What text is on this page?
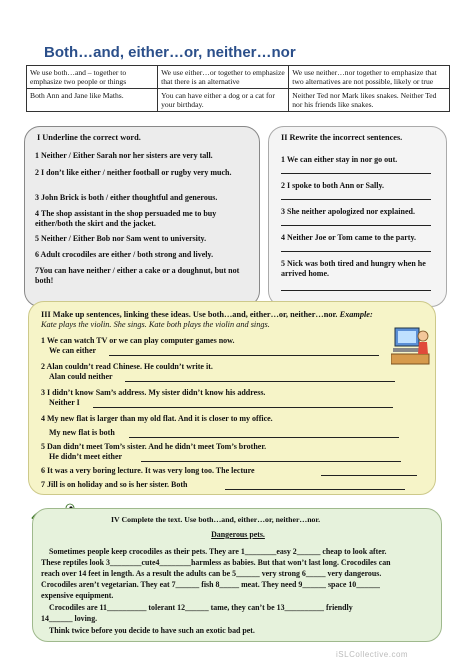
Both…and, either…or, neither…nor
We use both…and – together to emphasize two people or things	We use either…or together to emphasize that there is an alternative	We use neither…nor together to emphasize that two alternatives are not possible, likely or true
Both Ann and Jane like Maths.	You can have either a dog or a cat for your birthday.	Neither Ted nor Mark likes snakes. Neither Ted nor his friends like snakes.
I Underline the correct word.
1 Neither / Either Sarah nor her sisters are very tall.
2 I don’t like either / neither football or rugby very much.
3 John Brick is both / either thoughtful and generous.
4 The shop assistant in the shop persuaded me to buy either/both the skirt and the jacket.
5 Neither / Either Bob nor Sam went to university.
6 Adult crocodiles are either / both strong and lively.
7You can have neither / either a cake or a doughnut, but not both!
II Rewrite the incorrect sentences.
1 We can either stay in nor go out.
2 I spoke to both Ann or Sally.
3 She neither apologized nor explained.
4 Neither Joe or Tom came to the party.
5 Nick was both tired and hungry when he arrived home.
III Make up sentences, linking these ideas. Use both…and, either…or, neither…nor. Example: Kate plays the violin. She sings. Kate both plays the violin and sings.
1 We can watch TV or we can play computer games now.
We can either
2 Alan couldn’t read Chinese. He couldn’t write it.
Alan could neither
3 I didn’t know Sam’s address. My sister didn’t know his address.
Neither I
4 My new flat is larger than my old flat. And it is closer to my office.
My new flat is both
5 Dan didn’t meet Tom’s sister. And he didn’t meet Tom’s brother.
He didn’t meet either
6 It was a very boring lecture. It was very long too. The lecture
7 Jill is on holiday and so is her sister. Both
IV Complete the text. Use both…and, either…or, neither…nor.
Dangerous pets.
Sometimes people keep crocodiles as their pets. They are 1________easy 2______ cheap to look after.
These reptiles look 3________cute4________harmless as babies. But that won’t last long. Crocodiles can
reach over 14 feet in length. As a result the adults can be 5______ very strong 6_____ very dangerous.
Crocodiles aren’t vegetarian. They eat 7______ fish 8_____ meat. They need 9______ space 10______
expensive equipment.
Crocodiles are 11__________ tolerant 12______ tame, they can’t be 13__________ friendly
14______ loving.
Think twice before you decide to have such an exotic bad pet.
iSLCollective.com
